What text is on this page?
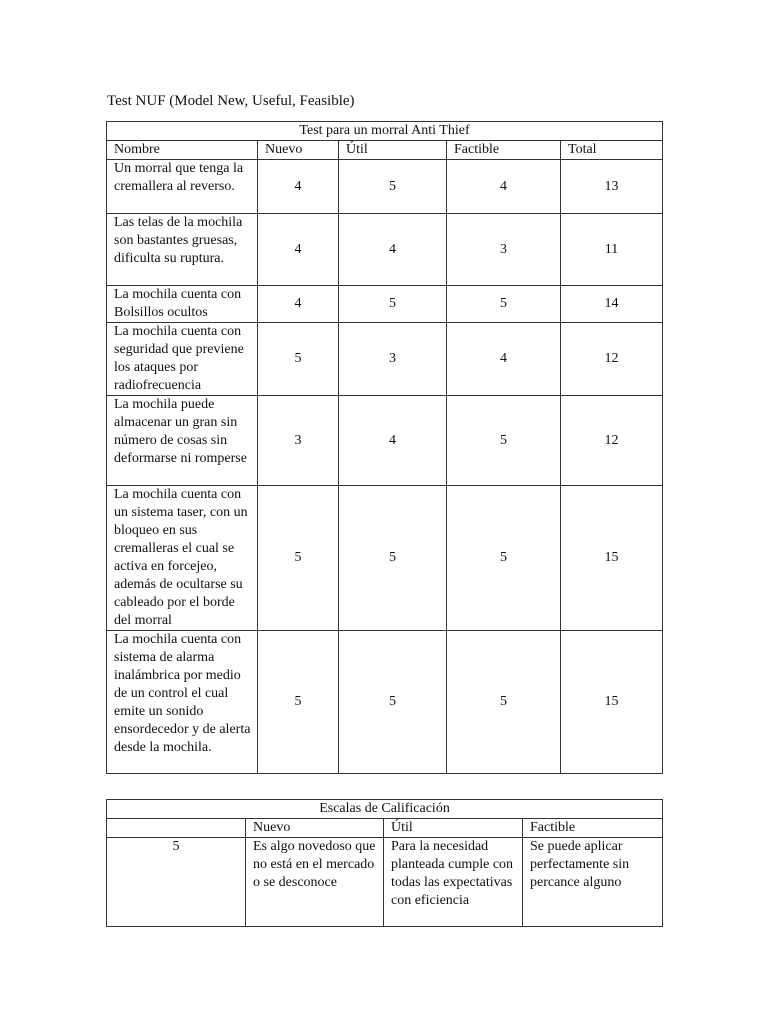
Test NUF (Model New, Useful, Feasible)
Test para un morral Anti Thief				
Nombre	Nuevo	Útil	Factible	Total
Un morral que tenga la cremallera al reverso.	4	5	4	13
Las telas de la mochila son bastantes gruesas, dificulta su ruptura.	4	4	3	11
La mochila cuenta con Bolsillos ocultos	4	5	5	14
La mochila cuenta con seguridad que previene los ataques por radiofrecuencia	5	3	4	12
La mochila puede almacenar un gran sin número de cosas sin deformarse ni romperse	3	4	5	12
La mochila cuenta con un sistema taser, con un bloqueo en sus cremalleras el cual se activa en forcejeo, además de ocultarse su cableado por el borde del morral	5	5	5	15
La mochila cuenta con sistema de alarma inalámbrica por medio de un control el cual emite un sonido ensordecedor y de alerta desde la mochila.	5	5	5	15
Escalas de Calificación			
	Nuevo	Útil	Factible
5	Es algo novedoso que no está en el mercado o se desconoce	Para la necesidad planteada cumple con todas las expectativas con eficiencia	Se puede aplicar perfectamente sin percance alguno
